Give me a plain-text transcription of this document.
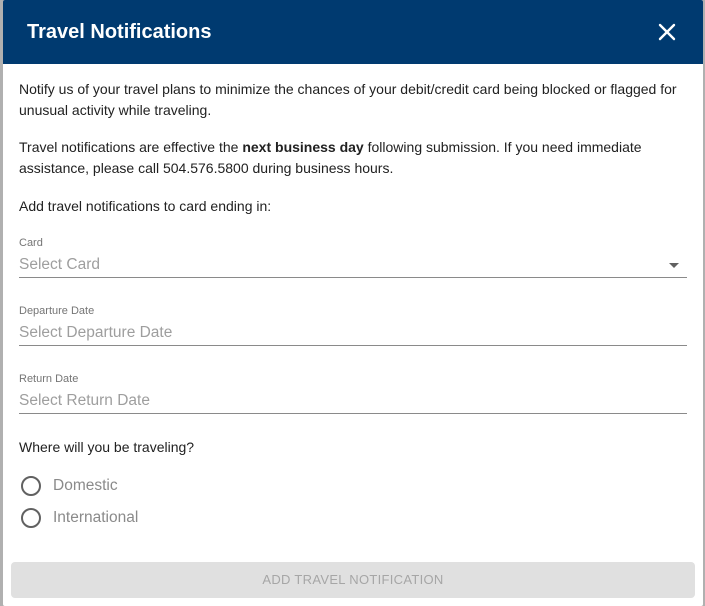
Travel Notifications

Notify us of your travel plans to minimize the chances of your debit/credit card being blocked or flagged for unusual activity while traveling.

Travel notifications are effective the next business day following submission. If you need immediate assistance, please call 504.576.5800 during business hours.

Add travel notifications to card ending in:

Card
Select Card
Departure Date
Select Departure Date
Return Date
Select Return Date

Where will you be traveling?

Domestic
International
ADD TRAVEL NOTIFICATION
